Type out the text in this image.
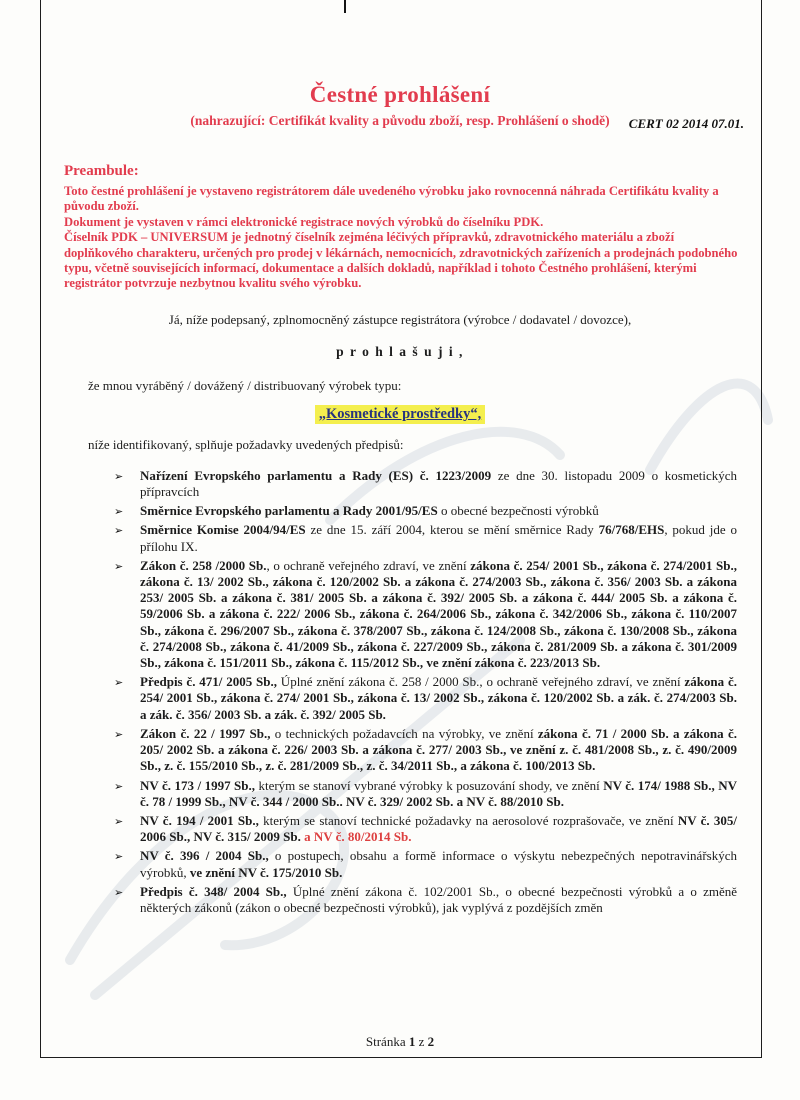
CERT 02 2014 07.01.
Čestné prohlášení
(nahrazující: Certifikát kvality a původu zboží, resp. Prohlášení o shodě)
Preambule:
Toto čestné prohlášení je vystaveno registrátorem dále uvedeného výrobku jako rovnocenná náhrada Certifikátu kvality a původu zboží.
Dokument je vystaven v rámci elektronické registrace nových výrobků do číselníku PDK.
Číselník PDK – UNIVERSUM je jednotný číselník zejména léčivých přípravků, zdravotnického materiálu a zboží doplňkového charakteru, určených pro prodej v lékárnách, nemocnicích, zdravotnických zařízeních a prodejnách podobného typu, včetně souvisejících informací, dokumentace a dalších dokladů, například i tohoto Čestného prohlášení, kterými registrátor potvrzuje nezbytnou kvalitu svého výrobku.

Já, níže podepsaný, zplnomocněný zástupce registrátora (výrobce / dodavatel / dovozce),

p r o h l a š u j i ,

že mnou vyráběný / dovážený / distribuovaný výrobek typu:

„Kosmetické prostředky“,

níže identifikovaný, splňuje požadavky uvedených předpisů:

➢ Nařízení Evropského parlamentu a Rady (ES) č. 1223/2009 ze dne 30. listopadu 2009 o kosmetických přípravcích
➢ Směrnice Evropského parlamentu a Rady 2001/95/ES o obecné bezpečnosti výrobků
➢ Směrnice Komise 2004/94/ES ze dne 15. září 2004, kterou se mění směrnice Rady 76/768/EHS, pokud jde o přílohu IX.
➢ Zákon č. 258 /2000 Sb., o ochraně veřejného zdraví, ve znění zákona č. 254/ 2001 Sb., zákona č. 274/2001 Sb., zákona č. 13/ 2002 Sb., zákona č. 120/2002 Sb. a zákona č. 274/2003 Sb., zákona č. 356/ 2003 Sb. a zákona 253/ 2005 Sb. a zákona č. 381/ 2005 Sb. a zákona č. 392/ 2005 Sb. a zákona č. 444/ 2005 Sb. a zákona č. 59/2006 Sb. a zákona č. 222/ 2006 Sb., zákona č. 264/2006 Sb., zákona č. 342/2006 Sb., zákona č. 110/2007 Sb., zákona č. 296/2007 Sb., zákona č. 378/2007 Sb., zákona č. 124/2008 Sb., zákona č. 130/2008 Sb., zákona č. 274/2008 Sb., zákona č. 41/2009 Sb., zákona č. 227/2009 Sb., zákona č. 281/2009 Sb. a zákona č. 301/2009 Sb., zákona č. 151/2011 Sb., zákona č. 115/2012 Sb., ve znění zákona č. 223/2013 Sb.
➢ Předpis č. 471/ 2005 Sb., Úplné znění zákona č. 258 / 2000 Sb., o ochraně veřejného zdraví, ve znění zákona č. 254/ 2001 Sb., zákona č. 274/ 2001 Sb., zákona č. 13/ 2002 Sb., zákona č. 120/2002 Sb. a zák. č. 274/2003 Sb. a zák. č. 356/ 2003 Sb. a zák. č. 392/ 2005 Sb.
➢ Zákon č. 22 / 1997 Sb., o technických požadavcích na výrobky, ve znění zákona č. 71 / 2000 Sb. a zákona č. 205/ 2002 Sb. a zákona č. 226/ 2003 Sb. a zákona č. 277/ 2003 Sb., ve znění z. č. 481/2008 Sb., z. č. 490/2009 Sb., z. č. 155/2010 Sb., z. č. 281/2009 Sb., z. č. 34/2011 Sb., a zákona č. 100/2013 Sb.
➢ NV č. 173 / 1997 Sb., kterým se stanoví vybrané výrobky k posuzování shody, ve znění NV č. 174/ 1988 Sb., NV č. 78 / 1999 Sb., NV č. 344 / 2000 Sb.. NV č. 329/ 2002 Sb. a NV č. 88/2010 Sb.
➢ NV č. 194 / 2001 Sb., kterým se stanoví technické požadavky na aerosolové rozprašovače, ve znění NV č. 305/ 2006 Sb., NV č. 315/ 2009 Sb. a NV č. 80/2014 Sb.
➢ NV č. 396 / 2004 Sb., o postupech, obsahu a formě informace o výskytu nebezpečných nepotravinářských výrobků, ve znění NV č. 175/2010 Sb.
➢ Předpis č. 348/ 2004 Sb., Úplné znění zákona č. 102/2001 Sb., o obecné bezpečnosti výrobků a o změně některých zákonů (zákon o obecné bezpečnosti výrobků), jak vyplývá z pozdějších změn
Stránka 1 z 2
